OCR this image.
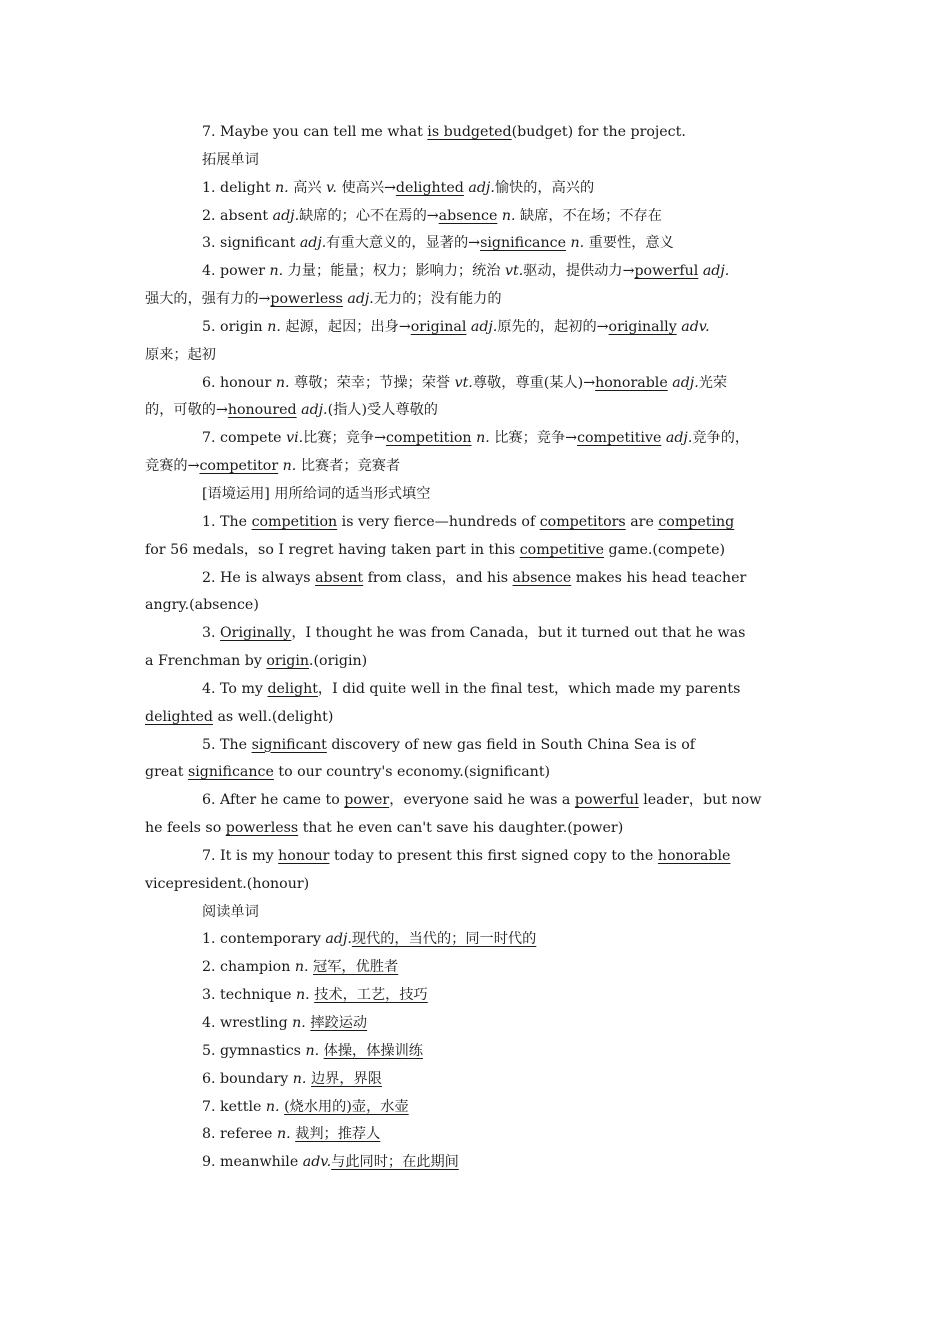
7. Maybe you can tell me what is budgeted(budget) for the project.
拓展单词
1. delight n. 高兴 v. 使高兴→delighted adj.愉快的，高兴的
2. absent adj.缺席的；心不在焉的→absence n. 缺席，不在场；不存在
3. significant adj.有重大意义的，显著的→significance n. 重要性，意义
4. power n. 力量；能量；权力；影响力；统治 vt.驱动，提供动力→powerful adj.
强大的，强有力的→powerless adj.无力的；没有能力的
5. origin n. 起源，起因；出身→original adj.原先的，起初的→originally adv.
原来；起初
6. honour n. 尊敬；荣幸；节操；荣誉 vt.尊敬，尊重(某人)→honorable adj.光荣
的，可敬的→honoured adj.(指人)受人尊敬的
7. compete vi.比赛；竞争→competition n. 比赛；竞争→competitive adj.竞争的，
竞赛的→competitor n. 比赛者；竞赛者
[语境运用] 用所给词的适当形式填空
1. The competition is very fierce—hundreds of competitors are competing
for 56 medals，so I regret having taken part in this competitive game.(compete)
2. He is always absent from class，and his absence makes his head teacher
angry.(absence)
3. Originally，I thought he was from Canada，but it turned out that he was
a Frenchman by origin.(origin)
4. To my delight，I did quite well in the final test，which made my parents
delighted as well.(delight)
5. The significant discovery of new gas field in South China Sea is of
great significance to our country's economy.(significant)
6. After he came to power，everyone said he was a powerful leader，but now
he feels so powerless that he even can't save his daughter.(power)
7. It is my honour today to present this first signed copy to the honorable
vicepresident.(honour)
阅读单词
1. contemporary adj.现代的，当代的；同一时代的
2. champion n. 冠军，优胜者
3. technique n. 技术，工艺，技巧
4. wrestling n. 摔跤运动
5. gymnastics n. 体操，体操训练
6. boundary n. 边界，界限
7. kettle n. (烧水用的)壶，水壶
8. referee n. 裁判；推荐人
9. meanwhile adv.与此同时；在此期间
